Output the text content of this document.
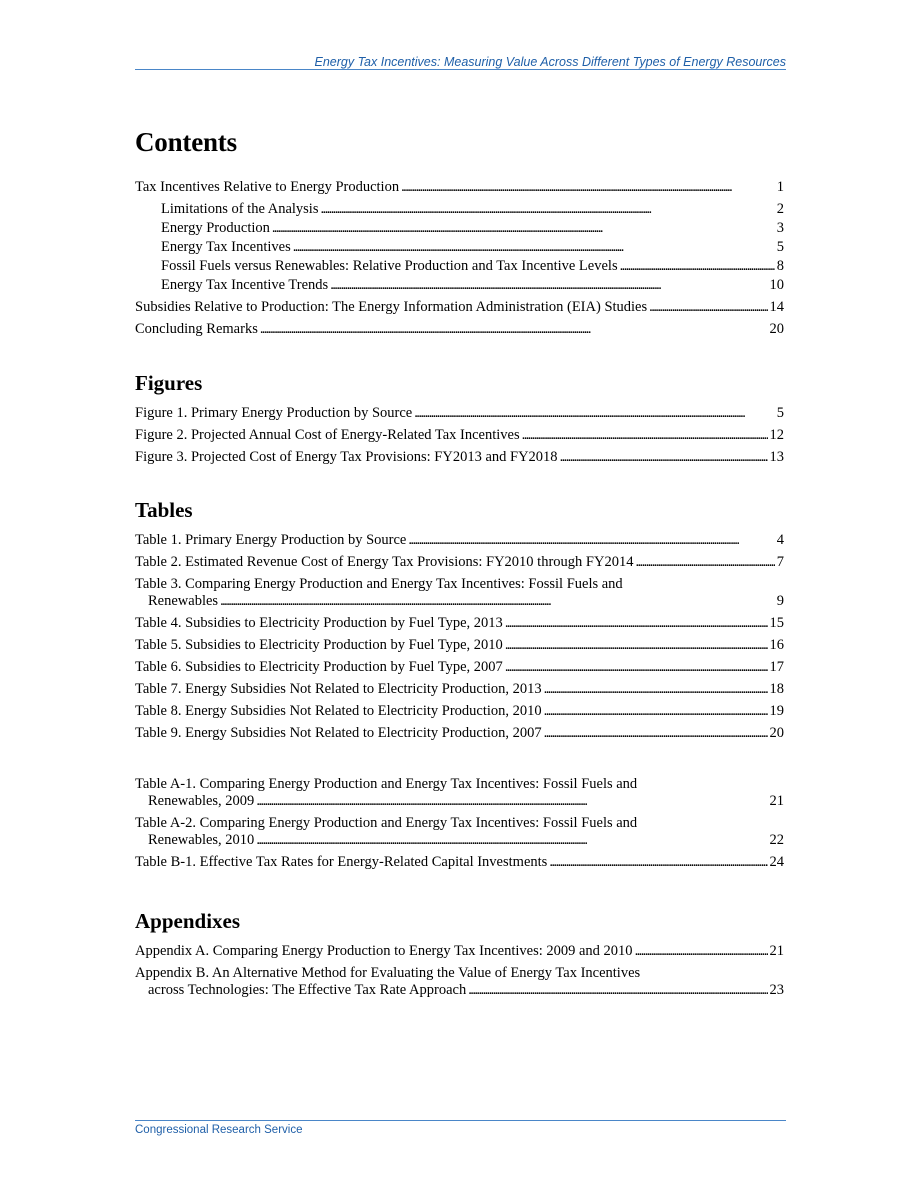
Energy Tax Incentives: Measuring Value Across Different Types of Energy Resources
Contents
Tax Incentives Relative to Energy Production . . .	1
Limitations of the Analysis . . .	2
Energy Production . . .	3
Energy Tax Incentives . . .	5
Fossil Fuels versus Renewables: Relative Production and Tax Incentive Levels . . .	8
Energy Tax Incentive Trends . . .	10
Subsidies Relative to Production: The Energy Information Administration (EIA) Studies . . .	14
Concluding Remarks . . .	20
Figures
Figure 1. Primary Energy Production by Source . . .	5
Figure 2. Projected Annual Cost of Energy-Related Tax Incentives . . .	12
Figure 3. Projected Cost of Energy Tax Provisions: FY2013 and FY2018 . . .	13
Tables
Table 1. Primary Energy Production by Source . . .	4
Table 2. Estimated Revenue Cost of Energy Tax Provisions: FY2010 through FY2014 . . .	7
Table 3. Comparing Energy Production and Energy Tax Incentives: Fossil Fuels and
Renewables . . .	9
Table 4. Subsidies to Electricity Production by Fuel Type, 2013 . . .	15
Table 5. Subsidies to Electricity Production by Fuel Type, 2010 . . .	16
Table 6. Subsidies to Electricity Production by Fuel Type, 2007 . . .	17
Table 7. Energy Subsidies Not Related to Electricity Production, 2013 . . .	18
Table 8. Energy Subsidies Not Related to Electricity Production, 2010 . . .	19
Table 9. Energy Subsidies Not Related to Electricity Production, 2007 . . .	20
Table A-1. Comparing Energy Production and Energy Tax Incentives: Fossil Fuels and
Renewables, 2009 . . .	21
Table A-2. Comparing Energy Production and Energy Tax Incentives: Fossil Fuels and
Renewables, 2010 . . .	22
Table B-1. Effective Tax Rates for Energy-Related Capital Investments . . .	24
Appendixes
Appendix A. Comparing Energy Production to Energy Tax Incentives: 2009 and 2010 . . .	21
Appendix B. An Alternative Method for Evaluating the Value of Energy Tax Incentives
across Technologies: The Effective Tax Rate Approach . . .	23
Congressional Research Service
